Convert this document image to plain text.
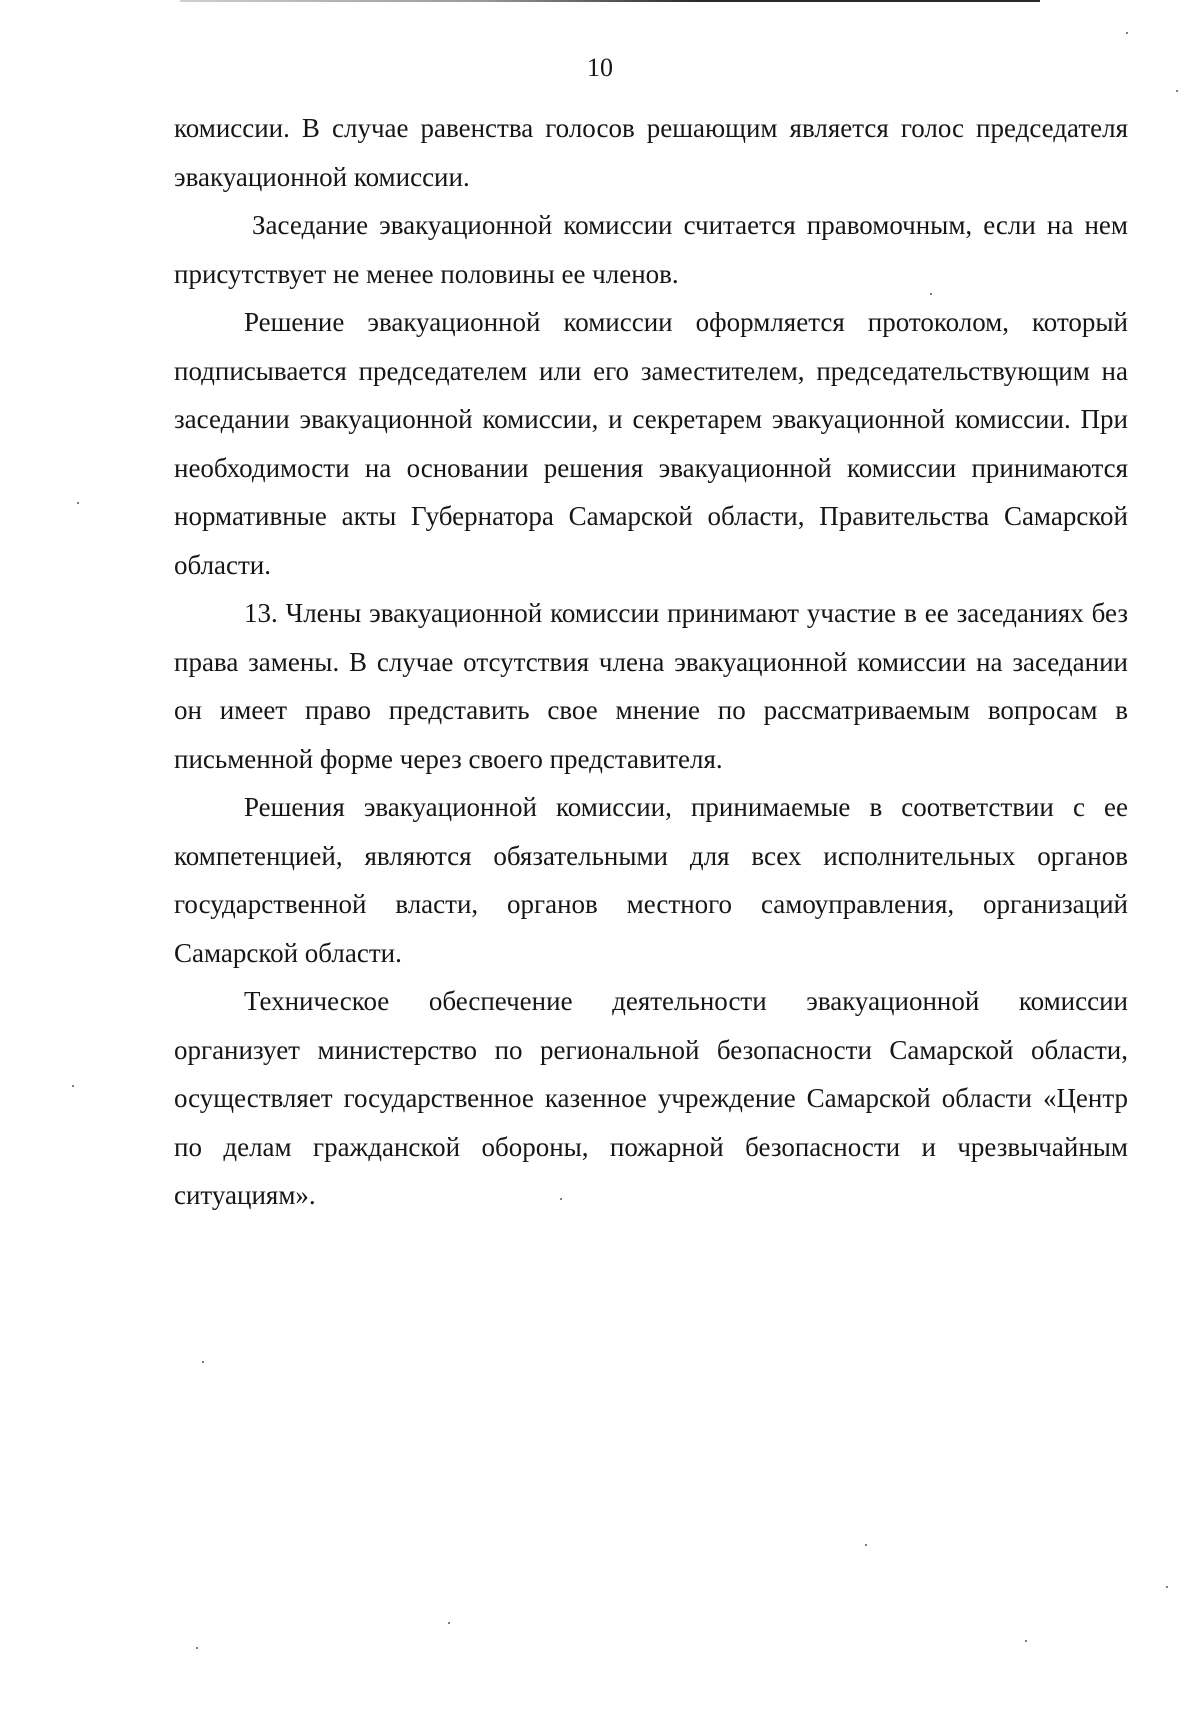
10

комиссии. В случае равенства голосов решающим является голос председателя эвакуационной комиссии.

Заседание эвакуационной комиссии считается правомочным, если на нем присутствует не менее половины ее членов.

Решение эвакуационной комиссии оформляется протоколом, который подписывается председателем или его заместителем, председательствующим на заседании эвакуационной комиссии, и секретарем эвакуационной комиссии. При необходимости на основании решения эвакуационной комиссии принимаются нормативные акты Губернатора Самарской области, Правительства Самарской области.

13. Члены эвакуационной комиссии принимают участие в ее заседаниях без права замены. В случае отсутствия члена эвакуационной комиссии на заседании он имеет право представить свое мнение по рассматриваемым вопросам в письменной форме через своего представителя.

Решения эвакуационной комиссии, принимаемые в соответствии с ее компетенцией, являются обязательными для всех исполнительных органов государственной власти, органов местного самоуправления, организаций Самарской области.

Техническое обеспечение деятельности эвакуационной комиссии организует министерство по региональной безопасности Самарской области, осуществляет государственное казенное учреждение Самарской области «Центр по делам гражданской обороны, пожарной безопасности и чрезвычайным ситуациям».
